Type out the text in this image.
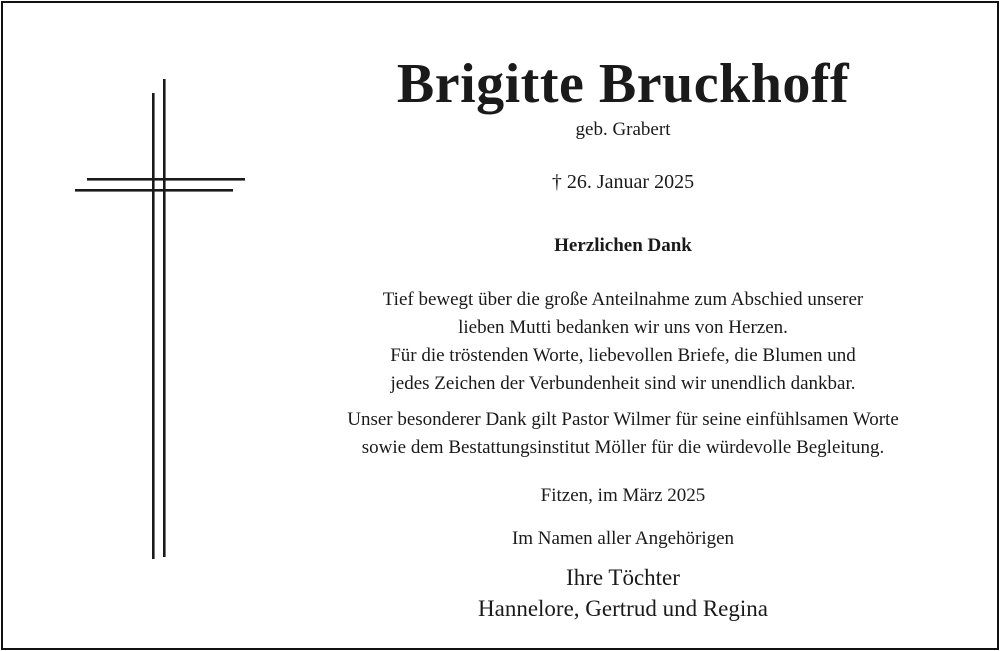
Brigitte Bruckhoff
geb. Grabert
† 26. Januar 2025
Herzlichen Dank
Tief bewegt über die große Anteilnahme zum Abschied unserer
lieben Mutti bedanken wir uns von Herzen.
Für die tröstenden Worte, liebevollen Briefe, die Blumen und
jedes Zeichen der Verbundenheit sind wir unendlich dankbar.
Unser besonderer Dank gilt Pastor Wilmer für seine einfühlsamen Worte
sowie dem Bestattungsinstitut Möller für die würdevolle Begleitung.
Fitzen, im März 2025
Im Namen aller Angehörigen
Ihre Töchter
Hannelore, Gertrud und Regina
